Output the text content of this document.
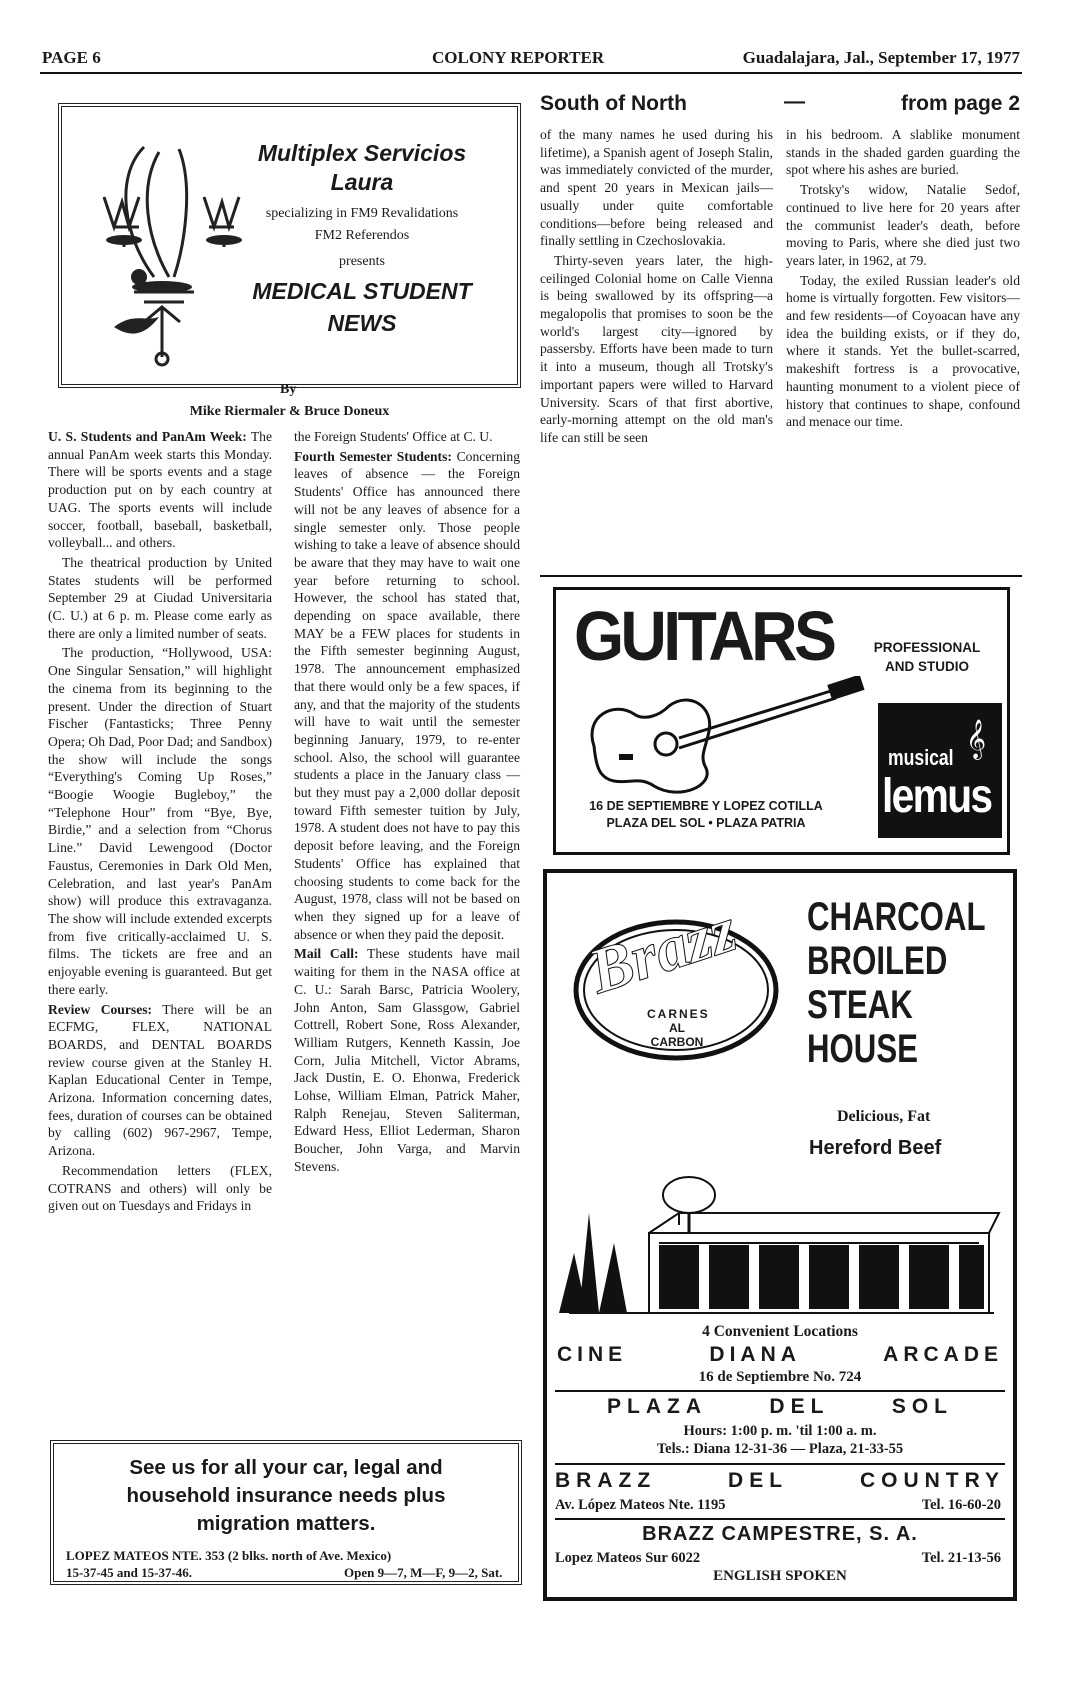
PAGE 6	COLONY REPORTER	Guadalajara, Jal., September 17, 1977
Multiplex Servicios
Laura
specializing in FM9 Revalidations
FM2 Referendos
presents
MEDICAL STUDENT
NEWS
By
Mike Riermaler & Bruce Doneux

U. S. Students and PanAm Week: The annual PanAm week starts this Monday. There will be sports events and a stage production put on by each country at UAG. The sports events will include soccer, football, baseball, basketball, volleyball... and others.

The theatrical production by United States students will be performed September 29 at Ciudad Universitaria (C. U.) at 6 p. m. Please come early as there are only a limited number of seats.

The production, “Hollywood, USA: One Singular Sensation,” will highlight the cinema from its beginning to the present. Under the direction of Stuart Fischer (Fantasticks; Three Penny Opera; Oh Dad, Poor Dad; and Sandbox) the show will include the songs “Everything's Coming Up Roses,” “Boogie Woogie Bugleboy,” the “Telephone Hour” from “Bye, Bye, Birdie,” and a selection from “Chorus Line.” David Lewengood (Doctor Faustus, Ceremonies in Dark Old Men, Celebration, and last year's PanAm show) will produce this extravaganza. The show will include extended excerpts from five critically-acclaimed U. S. films. The tickets are free and an enjoyable evening is guaranteed. But get there early.

Review Courses: There will be an ECFMG, FLEX, NATIONAL BOARDS, and DENTAL BOARDS review course given at the Stanley H. Kaplan Educational Center in Tempe, Arizona. Information concerning dates, fees, duration of courses can be obtained by calling (602) 967-2967, Tempe, Arizona.

Recommendation letters (FLEX, COTRANS and others) will only be given out on Tuesdays and Fridays in

the Foreign Students' Office at C. U.

Fourth Semester Students: Concerning leaves of absence — the Foreign Students' Office has announced there will not be any leaves of absence for a single semester only. Those people wishing to take a leave of absence should be aware that they may have to wait one year before returning to school. However, the school has stated that, depending on space available, there MAY be a FEW places for students in the Fifth semester beginning August, 1978. The announcement emphasized that there would only be a few spaces, if any, and that the majority of the students will have to wait until the semester beginning January, 1979, to re-enter school. Also, the school will guarantee students a place in the January class — but they must pay a 2,000 dollar deposit toward Fifth semester tuition by July, 1978. A student does not have to pay this deposit before leaving, and the Foreign Students' Office has explained that choosing students to come back for the August, 1978, class will not be based on when they signed up for a leave of absence or when they paid the deposit.

Mail Call: These students have mail waiting for them in the NASA office at C. U.: Sarah Barsc, Patricia Woolery, John Anton, Sam Glassgow, Gabriel Cottrell, Robert Sone, Ross Alexander, William Rutgers, Kenneth Kassin, Joe Corn, Julia Mitchell, Victor Abrams, Jack Dustin, E. O. Ehonwa, Frederick Lohse, William Elman, Patrick Maher, Ralph Renejau, Steven Saliterman, Edward Hess, Elliot Lederman, Sharon Boucher, John Varga, and Marvin Stevens.

See us for all your car, legal and
household insurance needs plus
migration matters.
LOPEZ MATEOS NTE. 353 (2 blks. north of Ave. Mexico)
15-37-45 and 15-37-46.	Open 9—7, M—F, 9—2, Sat.
South of North	—	from page 2

of the many names he used during his lifetime), a Spanish agent of Joseph Stalin, was immediately convicted of the murder, and spent 20 years in Mexican jails—usually under quite comfortable conditions—before being released and finally settling in Czechoslovakia.

Thirty-seven years later, the high-ceilinged Colonial home on Calle Vienna is being swallowed by its offspring—a megalopolis that promises to soon be the world's largest city—ignored by passersby. Efforts have been made to turn it into a museum, though all Trotsky's important papers were willed to Harvard University. Scars of that first abortive, early-morning attempt on the old man's life can still be seen

in his bedroom. A slablike monument stands in the shaded garden guarding the spot where his ashes are buried.

Trotsky's widow, Natalie Sedof, continued to live here for 20 years after the communist leader's death, before moving to Paris, where she died just two years later, in 1962, at 79.

Today, the exiled Russian leader's old home is virtually forgotten. Few visitors—and few residents—of Coyoacan have any idea the building exists, or if they do, where it stands. Yet the bullet-scarred, makeshift fortress is a provocative, haunting monument to a violent piece of history that continues to shape, confound and menace our time.

GUITARS	PROFESSIONAL
AND STUDIO
16 DE SEPTIEMBRE Y LOPEZ COTILLA
PLAZA DEL SOL • PLAZA PATRIA
musical 𝄞
lemus
Brazz
CARNES
AL CARBON
CHARCOAL
BROILED
STEAK
HOUSE
Delicious, Fat
Hereford Beef
4 Convenient Locations
CINE	DIANA	ARCADE
16 de Septiembre No. 724
PLAZA	DEL	SOL
Hours: 1:00 p. m. 'til 1:00 a. m.
Tels.: Diana 12-31-36 — Plaza, 21-33-55
BRAZZ	DEL	COUNTRY
Av. López Mateos Nte. 1195	Tel. 16-60-20
BRAZZ CAMPESTRE, S. A.
Lopez Mateos Sur 6022	Tel. 21-13-56
ENGLISH SPOKEN
